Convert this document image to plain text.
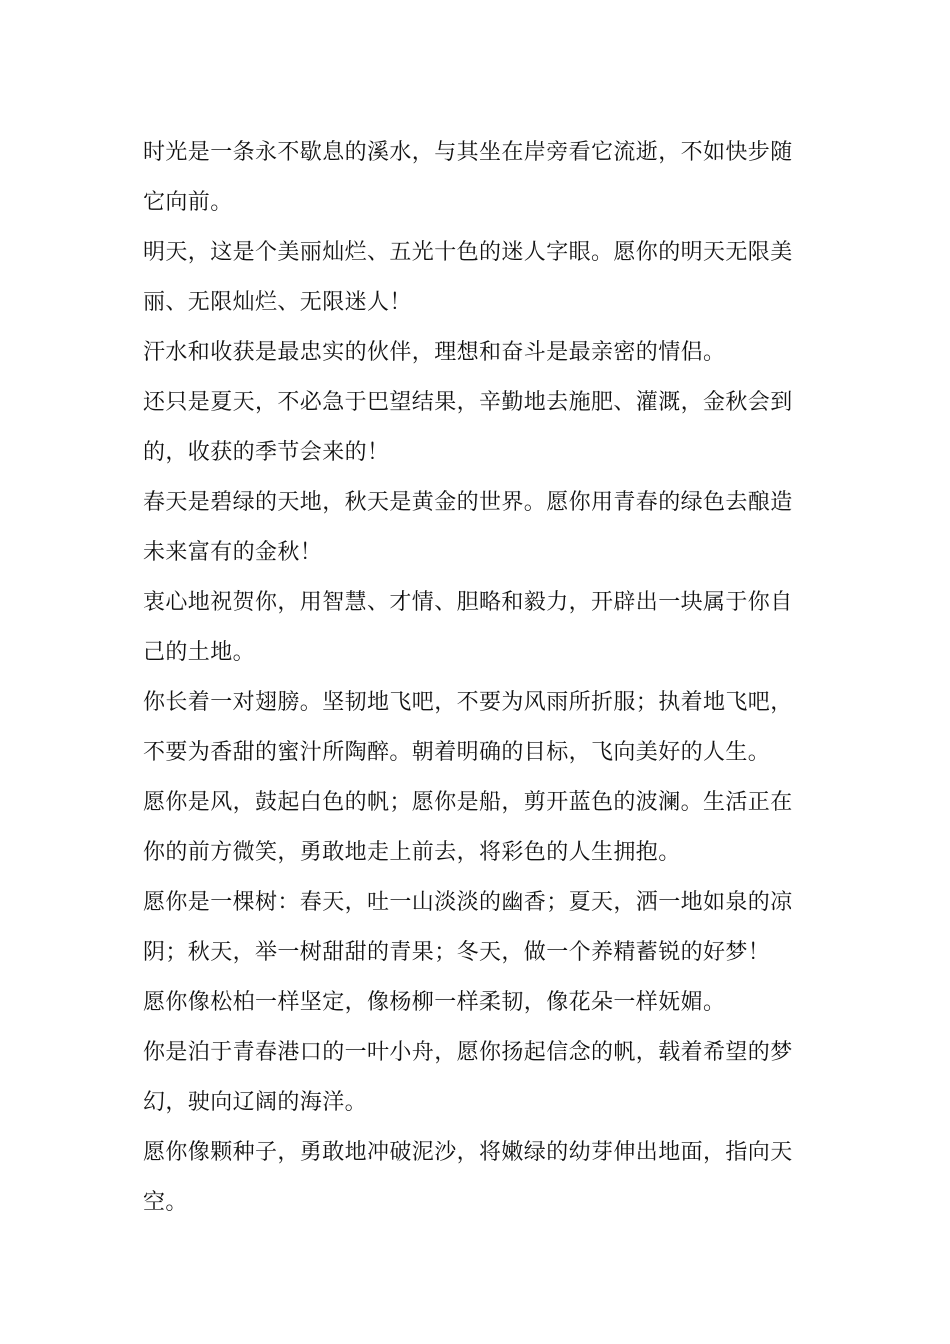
时光是一条永不歇息的溪水，与其坐在岸旁看它流逝，不如快步随它向前。

明天，这是个美丽灿烂、五光十色的迷人字眼。愿你的明天无限美丽、无限灿烂、无限迷人！

汗水和收获是最忠实的伙伴，理想和奋斗是最亲密的情侣。

还只是夏天，不必急于巴望结果，辛勤地去施肥、灌溉，金秋会到的，收获的季节会来的！

春天是碧绿的天地，秋天是黄金的世界。愿你用青春的绿色去酿造未来富有的金秋！

衷心地祝贺你，用智慧、才情、胆略和毅力，开辟出一块属于你自己的土地。

你长着一对翅膀。坚韧地飞吧，不要为风雨所折服；执着地飞吧，不要为香甜的蜜汁所陶醉。朝着明确的目标，飞向美好的人生。

愿你是风，鼓起白色的帆；愿你是船，剪开蓝色的波澜。生活正在你的前方微笑，勇敢地走上前去，将彩色的人生拥抱。

愿你是一棵树：春天，吐一山淡淡的幽香；夏天，洒一地如泉的凉阴；秋天，举一树甜甜的青果；冬天，做一个养精蓄锐的好梦！

愿你像松柏一样坚定，像杨柳一样柔韧，像花朵一样妩媚。

你是泊于青春港口的一叶小舟，愿你扬起信念的帆，载着希望的梦幻，驶向辽阔的海洋。

愿你像颗种子，勇敢地冲破泥沙，将嫩绿的幼芽伸出地面，指向天空。
